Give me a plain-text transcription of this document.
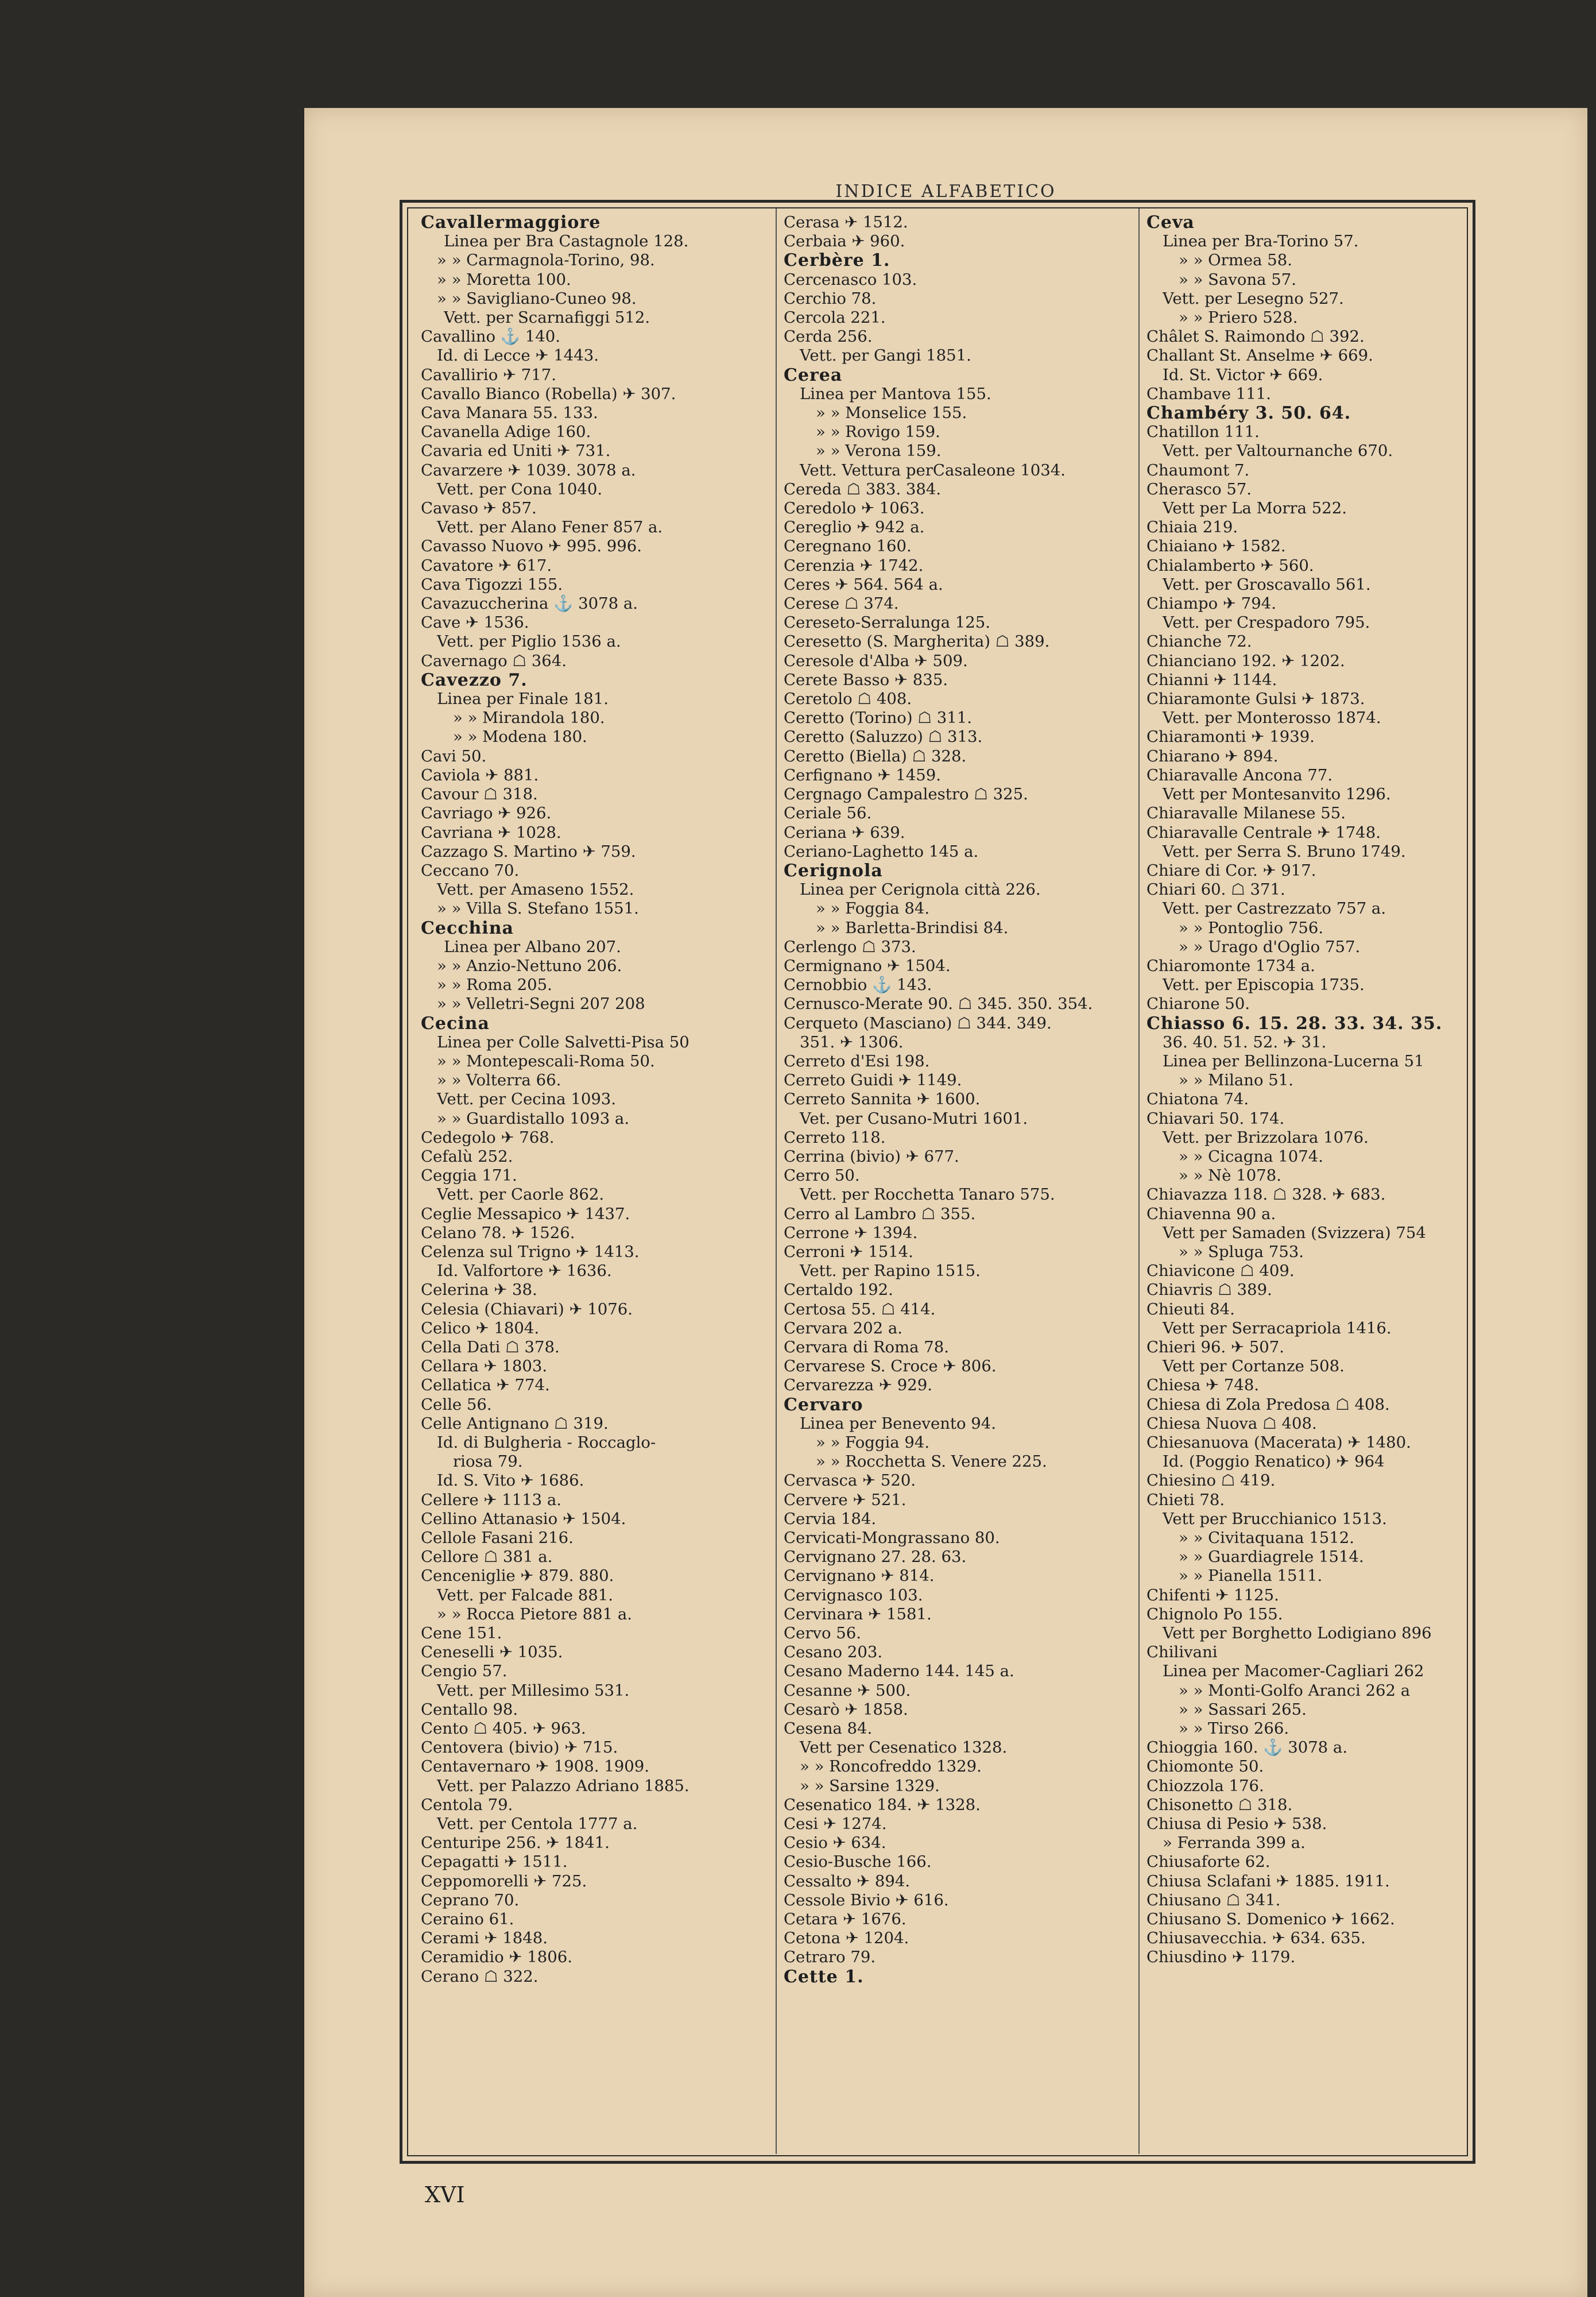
INDICE ALFABETICO
Cavallermaggiore
Linea per Bra Castagnole 128.
» » Carmagnola-Torino, 98.
» » Moretta 100.
» » Savigliano-Cuneo 98.
Vett. per Scarnafiggi 512.
Cavallino ⚓ 140.
Id. di Lecce ✈ 1443.
Cavallirio ✈ 717.
Cavallo Bianco (Robella) ✈ 307.
Cava Manara 55. 133.
Cavanella Adige 160.
Cavaria ed Uniti ✈ 731.
Cavarzere ✈ 1039. 3078 a.
Vett. per Cona 1040.
Cavaso ✈ 857.
Vett. per Alano Fener 857 a.
Cavasso Nuovo ✈ 995. 996.
Cavatore ✈ 617.
Cava Tigozzi 155.
Cavazuccherina ⚓ 3078 a.
Cave ✈ 1536.
Vett. per Piglio 1536 a.
Cavernago ☖ 364.
Cavezzo 7.
Linea per Finale 181.
» » Mirandola 180.
» » Modena 180.
Cavi 50.
Caviola ✈ 881.
Cavour ☖ 318.
Cavriago ✈ 926.
Cavriana ✈ 1028.
Cazzago S. Martino ✈ 759.
Ceccano 70.
Vett. per Amaseno 1552.
» » Villa S. Stefano 1551.
Cecchina
Linea per Albano 207.
» » Anzio-Nettuno 206.
» » Roma 205.
» » Velletri-Segni 207 208
Cecina
Linea per Colle Salvetti-Pisa 50
» » Montepescali-Roma 50.
» » Volterra 66.
Vett. per Cecina 1093.
» » Guardistallo 1093 a.
Cedegolo ✈ 768.
Cefalù 252.
Ceggia 171.
Vett. per Caorle 862.
Ceglie Messapico ✈ 1437.
Celano 78. ✈ 1526.
Celenza sul Trigno ✈ 1413.
Id. Valfortore ✈ 1636.
Celerina ✈ 38.
Celesia (Chiavari) ✈ 1076.
Celico ✈ 1804.
Cella Dati ☖ 378.
Cellara ✈ 1803.
Cellatica ✈ 774.
Celle 56.
Celle Antignano ☖ 319.
Id. di Bulgheria - Roccaglo-
riosa 79.
Id. S. Vito ✈ 1686.
Cellere ✈ 1113 a.
Cellino Attanasio ✈ 1504.
Cellole Fasani 216.
Cellore ☖ 381 a.
Cenceniglie ✈ 879. 880.
Vett. per Falcade 881.
» » Rocca Pietore 881 a.
Cene 151.
Ceneselli ✈ 1035.
Cengio 57.
Vett. per Millesimo 531.
Centallo 98.
Cento ☖ 405. ✈ 963.
Centovera (bivio) ✈ 715.
Centavernaro ✈ 1908. 1909.
Vett. per Palazzo Adriano 1885.
Centola 79.
Vett. per Centola 1777 a.
Centuripe 256. ✈ 1841.
Cepagatti ✈ 1511.
Ceppomorelli ✈ 725.
Ceprano 70.
Ceraino 61.
Cerami ✈ 1848.
Ceramidio ✈ 1806.
Cerano ☖ 322.
Cerasa ✈ 1512.
Cerbaia ✈ 960.
Cerbère 1.
Cercenasco 103.
Cerchio 78.
Cercola 221.
Cerda 256.
Vett. per Gangi 1851.
Cerea
Linea per Mantova 155.
» » Monselice 155.
» » Rovigo 159.
» » Verona 159.
Vett. Vettura perCasaleone 1034.
Cereda ☖ 383. 384.
Ceredolo ✈ 1063.
Cereglio ✈ 942 a.
Ceregnano 160.
Cerenzia ✈ 1742.
Ceres ✈ 564. 564 a.
Cerese ☖ 374.
Cereseto-Serralunga 125.
Ceresetto (S. Margherita) ☖ 389.
Ceresole d'Alba ✈ 509.
Cerete Basso ✈ 835.
Ceretolo ☖ 408.
Ceretto (Torino) ☖ 311.
Ceretto (Saluzzo) ☖ 313.
Ceretto (Biella) ☖ 328.
Cerfignano ✈ 1459.
Cergnago Campalestro ☖ 325.
Ceriale 56.
Ceriana ✈ 639.
Ceriano-Laghetto 145 a.
Cerignola
Linea per Cerignola città 226.
» » Foggia 84.
» » Barletta-Brindisi 84.
Cerlengo ☖ 373.
Cermignano ✈ 1504.
Cernobbio ⚓ 143.
Cernusco-Merate 90. ☖ 345. 350. 354.
Cerqueto (Masciano) ☖ 344. 349.
351. ✈ 1306.
Cerreto d'Esi 198.
Cerreto Guidi ✈ 1149.
Cerreto Sannita ✈ 1600.
Vet. per Cusano-Mutri 1601.
Cerreto 118.
Cerrina (bivio) ✈ 677.
Cerro 50.
Vett. per Rocchetta Tanaro 575.
Cerro al Lambro ☖ 355.
Cerrone ✈ 1394.
Cerroni ✈ 1514.
Vett. per Rapino 1515.
Certaldo 192.
Certosa 55. ☖ 414.
Cervara 202 a.
Cervara di Roma 78.
Cervarese S. Croce ✈ 806.
Cervarezza ✈ 929.
Cervaro
Linea per Benevento 94.
» » Foggia 94.
» » Rocchetta S. Venere 225.
Cervasca ✈ 520.
Cervere ✈ 521.
Cervia 184.
Cervicati-Mongrassano 80.
Cervignano 27. 28. 63.
Cervignano ✈ 814.
Cervignasco 103.
Cervinara ✈ 1581.
Cervo 56.
Cesano 203.
Cesano Maderno 144. 145 a.
Cesanne ✈ 500.
Cesarò ✈ 1858.
Cesena 84.
Vett per Cesenatico 1328.
» » Roncofreddo 1329.
» » Sarsine 1329.
Cesenatico 184. ✈ 1328.
Cesi ✈ 1274.
Cesio ✈ 634.
Cesio-Busche 166.
Cessalto ✈ 894.
Cessole Bivio ✈ 616.
Cetara ✈ 1676.
Cetona ✈ 1204.
Cetraro 79.
Cette 1.
Ceva
Linea per Bra-Torino 57.
» » Ormea 58.
» » Savona 57.
Vett. per Lesegno 527.
» » Priero 528.
Châlet S. Raimondo ☖ 392.
Challant St. Anselme ✈ 669.
Id. St. Victor ✈ 669.
Chambave 111.
Chambéry 3. 50. 64.
Chatillon 111.
Vett. per Valtournanche 670.
Chaumont 7.
Cherasco 57.
Vett per La Morra 522.
Chiaia 219.
Chiaiano ✈ 1582.
Chialamberto ✈ 560.
Vett. per Groscavallo 561.
Chiampo ✈ 794.
Vett. per Crespadoro 795.
Chianche 72.
Chianciano 192. ✈ 1202.
Chianni ✈ 1144.
Chiaramonte Gulsi ✈ 1873.
Vett. per Monterosso 1874.
Chiaramonti ✈ 1939.
Chiarano ✈ 894.
Chiaravalle Ancona 77.
Vett per Montesanvito 1296.
Chiaravalle Milanese 55.
Chiaravalle Centrale ✈ 1748.
Vett. per Serra S. Bruno 1749.
Chiare di Cor. ✈ 917.
Chiari 60. ☖ 371.
Vett. per Castrezzato 757 a.
» » Pontoglio 756.
» » Urago d'Oglio 757.
Chiaromonte 1734 a.
Vett. per Episcopia 1735.
Chiarone 50.
Chiasso 6. 15. 28. 33. 34. 35.
36. 40. 51. 52. ✈ 31.
Linea per Bellinzona-Lucerna 51
» » Milano 51.
Chiatona 74.
Chiavari 50. 174.
Vett. per Brizzolara 1076.
» » Cicagna 1074.
» » Nè 1078.
Chiavazza 118. ☖ 328. ✈ 683.
Chiavenna 90 a.
Vett per Samaden (Svizzera) 754
» » Spluga 753.
Chiavicone ☖ 409.
Chiavris ☖ 389.
Chieuti 84.
Vett per Serracapriola 1416.
Chieri 96. ✈ 507.
Vett per Cortanze 508.
Chiesa ✈ 748.
Chiesa di Zola Predosa ☖ 408.
Chiesa Nuova ☖ 408.
Chiesanuova (Macerata) ✈ 1480.
Id. (Poggio Renatico) ✈ 964
Chiesino ☖ 419.
Chieti 78.
Vett per Brucchianico 1513.
» » Civitaquana 1512.
» » Guardiagrele 1514.
» » Pianella 1511.
Chifenti ✈ 1125.
Chignolo Po 155.
Vett per Borghetto Lodigiano 896
Chilivani
Linea per Macomer-Cagliari 262
» » Monti-Golfo Aranci 262 a
» » Sassari 265.
» » Tirso 266.
Chioggia 160. ⚓ 3078 a.
Chiomonte 50.
Chiozzola 176.
Chisonetto ☖ 318.
Chiusa di Pesio ✈ 538.
» Ferranda 399 a.
Chiusaforte 62.
Chiusa Sclafani ✈ 1885. 1911.
Chiusano ☖ 341.
Chiusano S. Domenico ✈ 1662.
Chiusavecchia. ✈ 634. 635.
Chiusdino ✈ 1179.
XVI
